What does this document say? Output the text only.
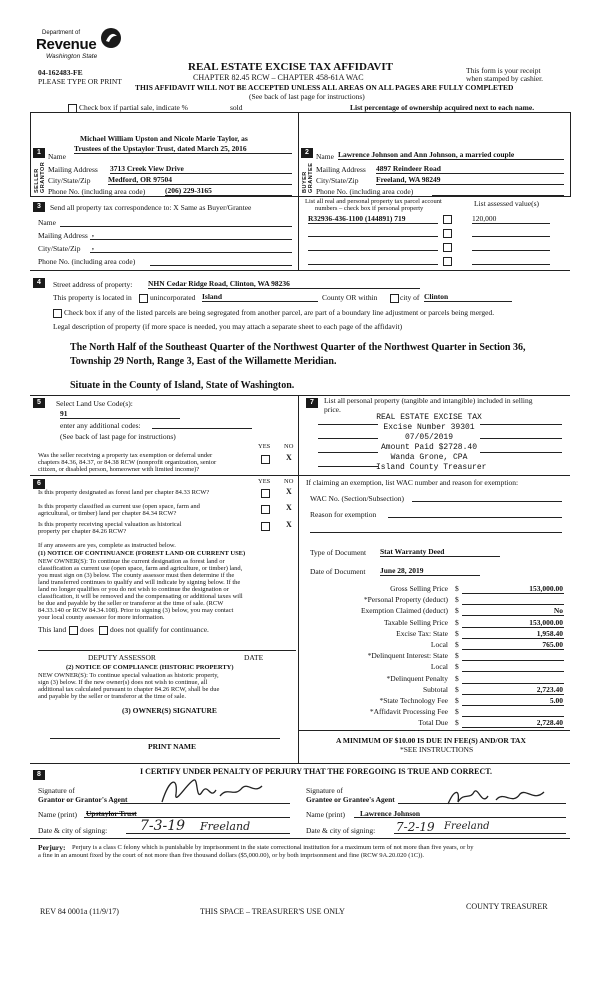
Department of
Revenue
Washington State
04-162483-FE
PLEASE TYPE OR PRINT
REAL ESTATE EXCISE TAX AFFIDAVIT
CHAPTER 82.45 RCW – CHAPTER 458-61A WAC
THIS AFFIDAVIT WILL NOT BE ACCEPTED UNLESS ALL AREAS ON ALL PAGES ARE FULLY COMPLETED
(See back of last page for instructions)
This form is your receipt
when stamped by cashier.
Check box if partial sale, indicate %	sold	List percentage of ownership acquired next to each name.
1
SELLER GRANTOR
Name
Michael William Upston and Nicole Marie Taylor, as
Trustees of the Upstaylor Trust, dated March 25, 2016
Mailing Address 3713 Creek View Drive
City/State/Zip Medford, OR 97504
Phone No. (including area code)	(206) 229-3165
2
BUYER GRANTEE
Name Lawrence Johnson and Ann Johnson, a married couple
Mailing Address 4897 Reindeer Road
City/State/Zip Freeland, WA 98249
Phone No. (including area code)
3	Send all property tax correspondence to: X Same as Buyer/Grantee
Name
Mailing Address ,
City/State/Zip ,
Phone No. (including area code)
List all real and personal property tax parcel account
numbers – check box if personal property
List assessed value(s)
R32936-436-1100 (144891) 719	120,000
4	Street address of property: NHN Cedar Ridge Road, Clinton, WA 98236
This property is located in unincorporated Island	County OR within	city of Clinton
Check box if any of the listed parcels are being segregated from another parcel, are part of a boundary line adjustment or parcels being merged.
Legal description of property (if more space is needed, you may attach a separate sheet to each page of the affidavit)
The North Half of the Southeast Quarter of the Northwest Quarter of the Northwest Quarter in Section 36,
Township 29 North, Range 3, East of the Willamette Meridian.
Situate in the County of Island, State of Washington.
5	Select Land Use Code(s):
91
enter any additional codes:
(See back of last page for instructions)
YES NO
Was the seller receiving a property tax exemption or deferral under
chapters 84.36, 84.37, or 84.38 RCW (nonprofit organization, senior
citizen, or disabled person, homeowner with limited income)?
X
6	YES NO
Is this property designated as forest land per chapter 84.33 RCW?	X
Is this property classified as current use (open space, farm and
agricultural, or timber) land per chapter 84.34 RCW?
X
Is this property receiving special valuation as historical
property per chapter 84.26 RCW?
X
If any answers are yes, complete as instructed below.
(1) NOTICE OF CONTINUANCE (FOREST LAND OR CURRENT USE)
NEW OWNER(S): To continue the current designation as forest land or
classification as current use (open space, farm and agriculture, or timber) land,
you must sign on (3) below. The county assessor must then determine if the
land transferred continues to qualify and will indicate by signing below. If the
land no longer qualifies or you do not wish to continue the designation or
classification, it will be removed and the compensating or additional taxes will
be due and payable by the seller or transferor at the time of sale. (RCW
84.33.140 or RCW 84.34.108). Prior to signing (3) below, you may contact
your local county assessor for more information.
This land does does not qualify for continuance.
DEPUTY ASSESSOR	DATE
(2) NOTICE OF COMPLIANCE (HISTORIC PROPERTY)
NEW OWNER(S): To continue special valuation as historic property,
sign (3) below. If the new owner(s) does not wish to continue, all
additional tax calculated pursuant to chapter 84.26 RCW, shall be due
and payable by the seller or transferor at the time of sale.
(3) OWNER(S) SIGNATURE
PRINT NAME
7	List all personal property (tangible and intangible) included in selling
price.
REAL ESTATE EXCISE TAX
Excise Number 39301
07/05/2019
Amount Paid $2728.40
Wanda Grone, CPA
Island County Treasurer
If claiming an exemption, list WAC number and reason for exemption:
WAC No. (Section/Subsection)
Reason for exemption
Type of Document Stat Warranty Deed
Date of Document June 28, 2019
Gross Selling Price $	153,000.00
*Personal Property (deduct) $
Exemption Claimed (deduct) $	No
Taxable Selling Price $	153,000.00
Excise Tax: State $	1,958.40
Local $	765.00
*Delinquent Interest: State $
Local $
*Delinquent Penalty $
Subtotal $	2,723.40
*State Technology Fee $	5.00
*Affidavit Processing Fee $
Total Due $	2,728.40
A MINIMUM OF $10.00 IS DUE IN FEE(S) AND/OR TAX
*SEE INSTRUCTIONS
8	I CERTIFY UNDER PENALTY OF PERJURY THAT THE FOREGOING IS TRUE AND CORRECT.
Signature of
Grantor or Grantor's Agent
Name (print) Upstaylor Trust
Date & city of signing: 7-3-19 Freeland
Signature of
Grantee or Grantee's Agent
Name (print) Lawrence Johnson
Date & city of signing: 7-2-19 Freeland
Perjury: Perjury is a class C felony which is punishable by imprisonment in the state correctional institution for a maximum term of not more than five years, or by
a fine in an amount fixed by the court of not more than five thousand dollars ($5,000.00), or by both imprisonment and fine (RCW 9A.20.020 (1C)).
REV 84 0001a (11/9/17)	THIS SPACE – TREASURER'S USE ONLY
COUNTY TREASURER
